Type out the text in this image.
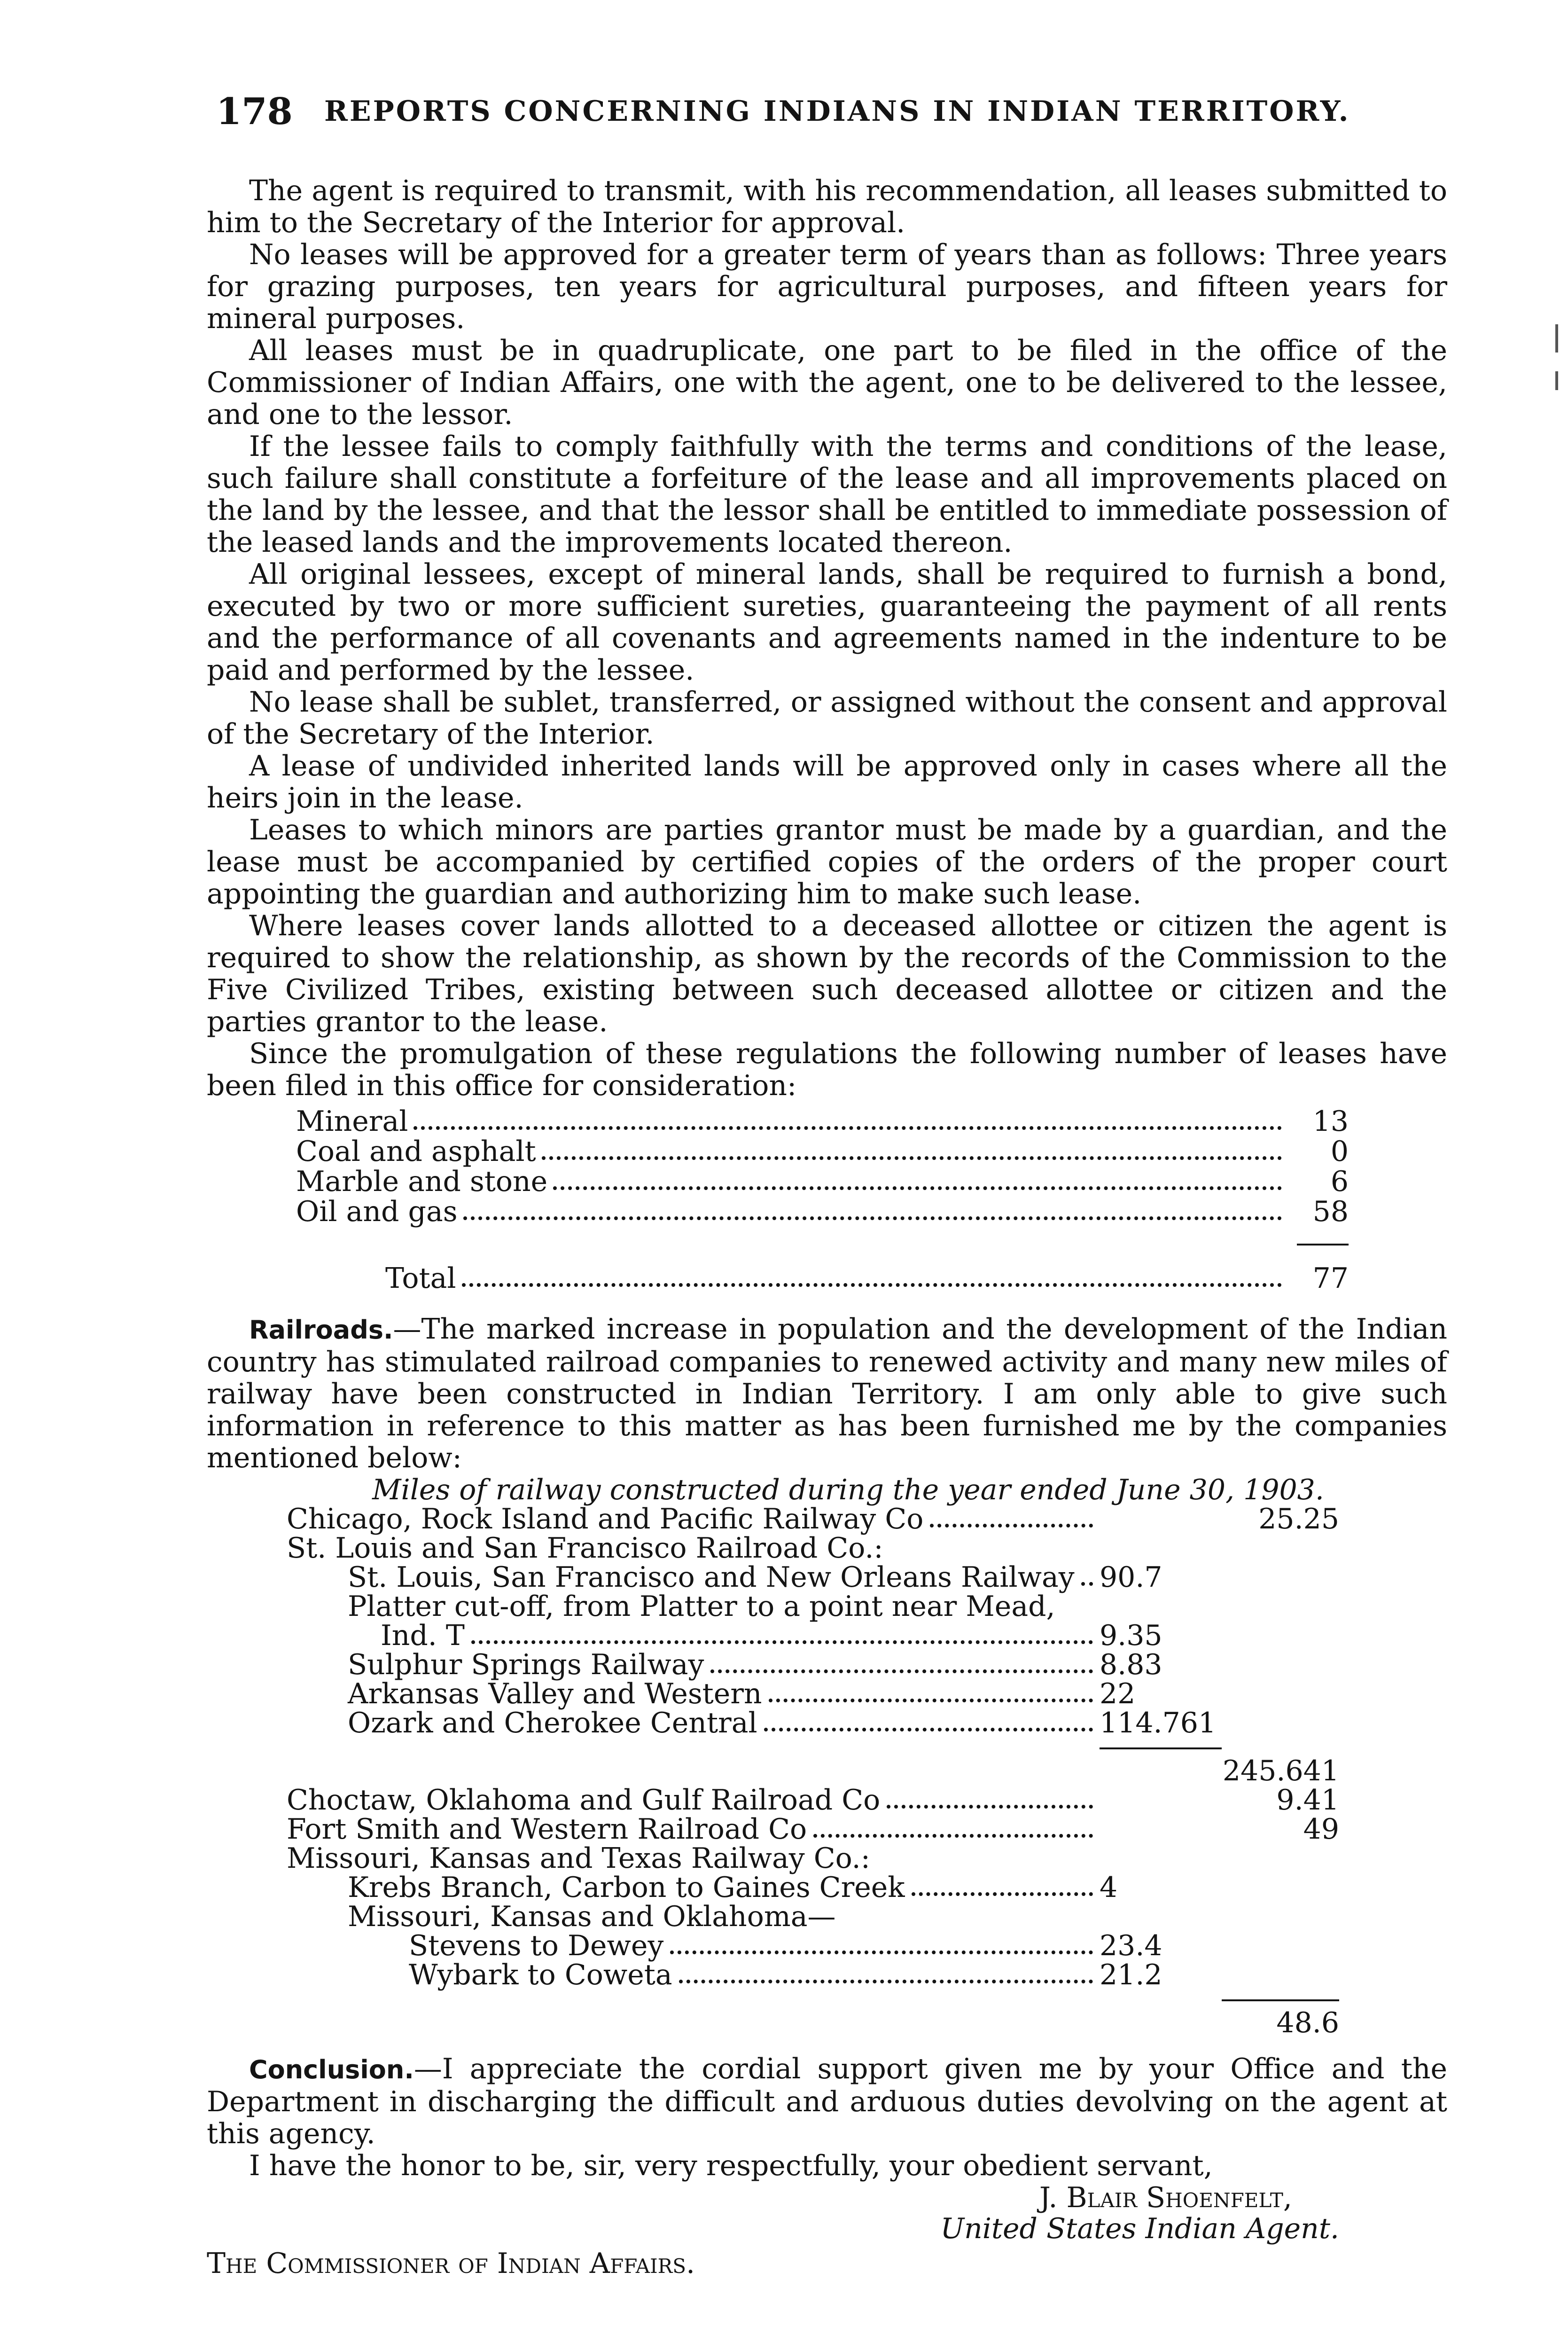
178 REPORTS CONCERNING INDIANS IN INDIAN TERRITORY.

The agent is required to transmit, with his recommendation, all leases submitted to him to the Secretary of the Interior for approval.

No leases will be approved for a greater term of years than as follows: Three years for grazing purposes, ten years for agricultural purposes, and fifteen years for mineral purposes.

All leases must be in quadruplicate, one part to be filed in the office of the Commissioner of Indian Affairs, one with the agent, one to be delivered to the lessee, and one to the lessor.

If the lessee fails to comply faithfully with the terms and conditions of the lease, such failure shall constitute a forfeiture of the lease and all improvements placed on the land by the lessee, and that the lessor shall be entitled to immediate possession of the leased lands and the improvements located thereon.

All original lessees, except of mineral lands, shall be required to furnish a bond, executed by two or more sufficient sureties, guaranteeing the payment of all rents and the performance of all covenants and agreements named in the indenture to be paid and performed by the lessee.

No lease shall be sublet, transferred, or assigned without the consent and approval of the Secretary of the Interior.

A lease of undivided inherited lands will be approved only in cases where all the heirs join in the lease.

Leases to which minors are parties grantor must be made by a guardian, and the lease must be accompanied by certified copies of the orders of the proper court appointing the guardian and authorizing him to make such lease.

Where leases cover lands allotted to a deceased allottee or citizen the agent is required to show the relationship, as shown by the records of the Commission to the Five Civilized Tribes, existing between such deceased allottee or citizen and the parties grantor to the lease.

Since the promulgation of these regulations the following number of leases have been filed in this office for consideration:

Mineral	13
Coal and asphalt	0
Marble and stone	6
Oil and gas	58
Total	77

Railroads.—The marked increase in population and the development of the Indian country has stimulated railroad companies to renewed activity and many new miles of railway have been constructed in Indian Territory. I am only able to give such information in reference to this matter as has been furnished me by the companies mentioned below:

Miles of railway constructed during the year ended June 30, 1903.

Chicago, Rock Island and Pacific Railway Co	25.25
St. Louis and San Francisco Railroad Co.:
St. Louis, San Francisco and New Orleans Railway 90.7
Platter cut-off, from Platter to a point near Mead,
Ind. T	9.35
Sulphur Springs Railway	8.83
Arkansas Valley and Western	22
Ozark and Cherokee Central	114.761
245.641
Choctaw, Oklahoma and Gulf Railroad Co	9.41
Fort Smith and Western Railroad Co	49
Missouri, Kansas and Texas Railway Co.:
Krebs Branch, Carbon to Gaines Creek	4
Missouri, Kansas and Oklahoma—
Stevens to Dewey	23.4
Wybark to Coweta	21.2
48.6

Conclusion.—I appreciate the cordial support given me by your Office and the Department in discharging the difficult and arduous duties devolving on the agent at this agency.

I have the honor to be, sir, very respectfully, your obedient servant,

J. Blair Shoenfelt,
United States Indian Agent.

The Commissioner of Indian Affairs.
